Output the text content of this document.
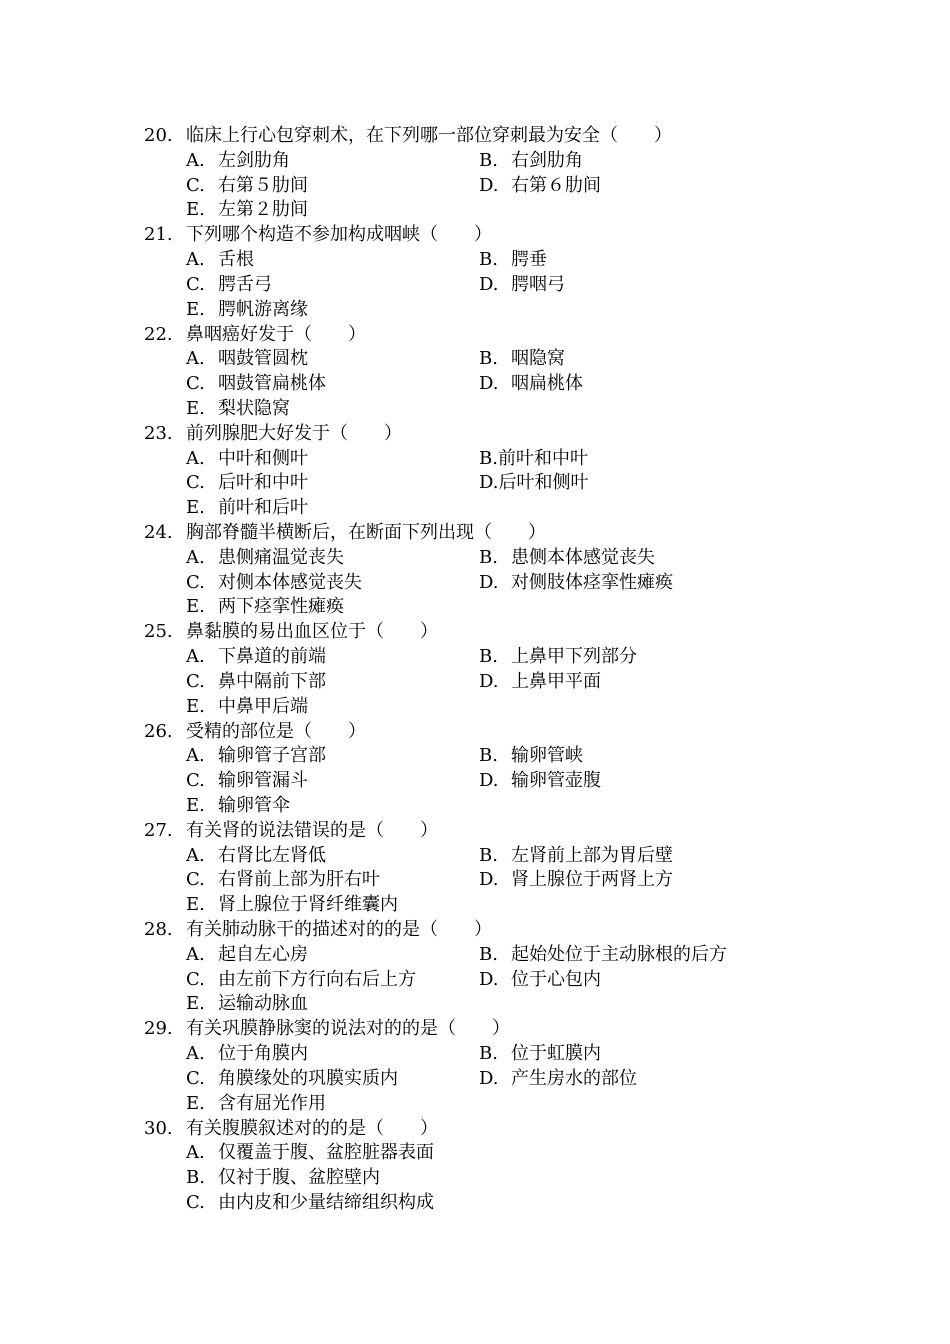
20. 临床上行心包穿刺术，在下列哪一部位穿刺最为安全（　　）
A. 左剑肋角	B. 右剑肋角
C. 右第５肋间	D. 右第６肋间
E. 左第２肋间
21. 下列哪个构造不参加构成咽峡（　　）
A. 舌根	B. 腭垂
C. 腭舌弓	D. 腭咽弓
E. 腭帆游离缘
22. 鼻咽癌好发于（　　）
A. 咽鼓管圆枕	B. 咽隐窝
C. 咽鼓管扁桃体	D. 咽扁桃体
E. 梨状隐窝
23. 前列腺肥大好发于（　　）
A. 中叶和侧叶	B.前叶和中叶
C. 后叶和中叶	D.后叶和侧叶
E. 前叶和后叶
24. 胸部脊髓半横断后，在断面下列出现（　　）
A. 患侧痛温觉丧失	B. 患侧本体感觉丧失
C. 对侧本体感觉丧失	D. 对侧肢体痉挛性瘫痪
E. 两下痉挛性瘫痪
25. 鼻黏膜的易出血区位于（　　）
A. 下鼻道的前端	B. 上鼻甲下列部分
C. 鼻中隔前下部	D. 上鼻甲平面
E. 中鼻甲后端
26. 受精的部位是（　　）
A. 输卵管子宫部	B. 输卵管峡
C. 输卵管漏斗	D. 输卵管壶腹
E. 输卵管伞
27. 有关肾的说法错误的是（　　）
A. 右肾比左肾低	B. 左肾前上部为胃后壁
C. 右肾前上部为肝右叶	D. 肾上腺位于两肾上方
E. 肾上腺位于肾纤维囊内
28. 有关肺动脉干的描述对的的是（　　）
A. 起自左心房	B. 起始处位于主动脉根的后方
C. 由左前下方行向右后上方	D. 位于心包内
E. 运输动脉血
29. 有关巩膜静脉窦的说法对的的是（　　）
A. 位于角膜内	B. 位于虹膜内
C. 角膜缘处的巩膜实质内	D. 产生房水的部位
E. 含有屈光作用
30. 有关腹膜叙述对的的是（　　）
A. 仅覆盖于腹、盆腔脏器表面
B. 仅衬于腹、盆腔壁内
C. 由内皮和少量结缔组织构成
